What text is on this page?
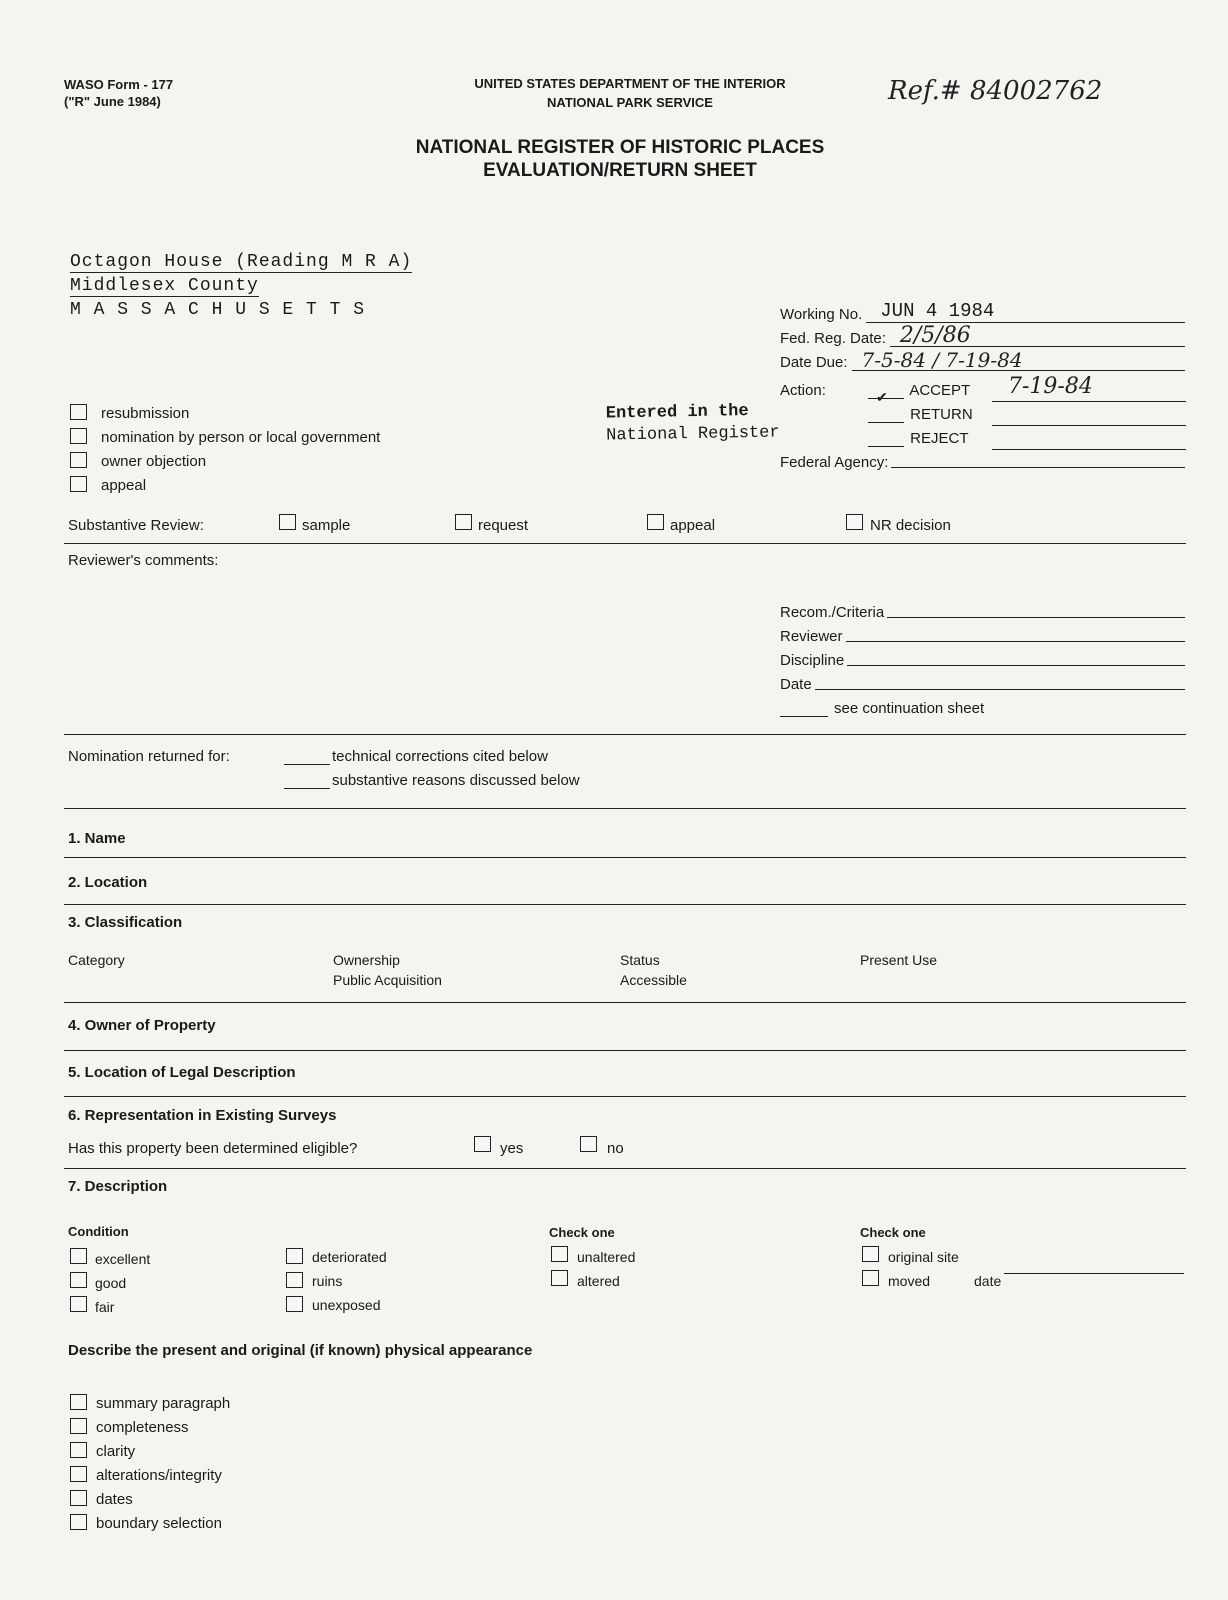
WASO Form - 177
("R" June 1984)
UNITED STATES DEPARTMENT OF THE INTERIOR
NATIONAL PARK SERVICE	Ref.# 84002762
NATIONAL REGISTER OF HISTORIC PLACES
EVALUATION/RETURN SHEET
Octagon House (Reading M R A)
Middlesex County
M A S S A C H U S E T T S	Working No. JUN 4 1984
Fed. Reg. Date: 2/5/86
Date Due: 7-5-84 / 7-19-84
Action:	✔ ACCEPT 7-19-84
RETURN
REJECT
Federal Agency:
Entered in the
National Register
resubmission
nomination by person or local government
owner objection
appeal
Substantive Review:	sample	request	appeal	NR decision
Reviewer's comments:
Recom./Criteria
Reviewer
Discipline
Date
see continuation sheet
Nomination returned for:	technical corrections cited below
substantive reasons discussed below
1. Name
2. Location
3. Classification
Category	Ownership
Public Acquisition
Status
Accessible
Present Use
4. Owner of Property
5. Location of Legal Description
6. Representation in Existing Surveys
Has this property been determined eligible?	yes	no
7. Description
Condition
excellent
good
fair
deteriorated
ruins
unexposed
Check one
unaltered
altered
Check one
original site
moved	date
Describe the present and original (if known) physical appearance
summary paragraph
completeness
clarity
alterations/integrity
dates
boundary selection
